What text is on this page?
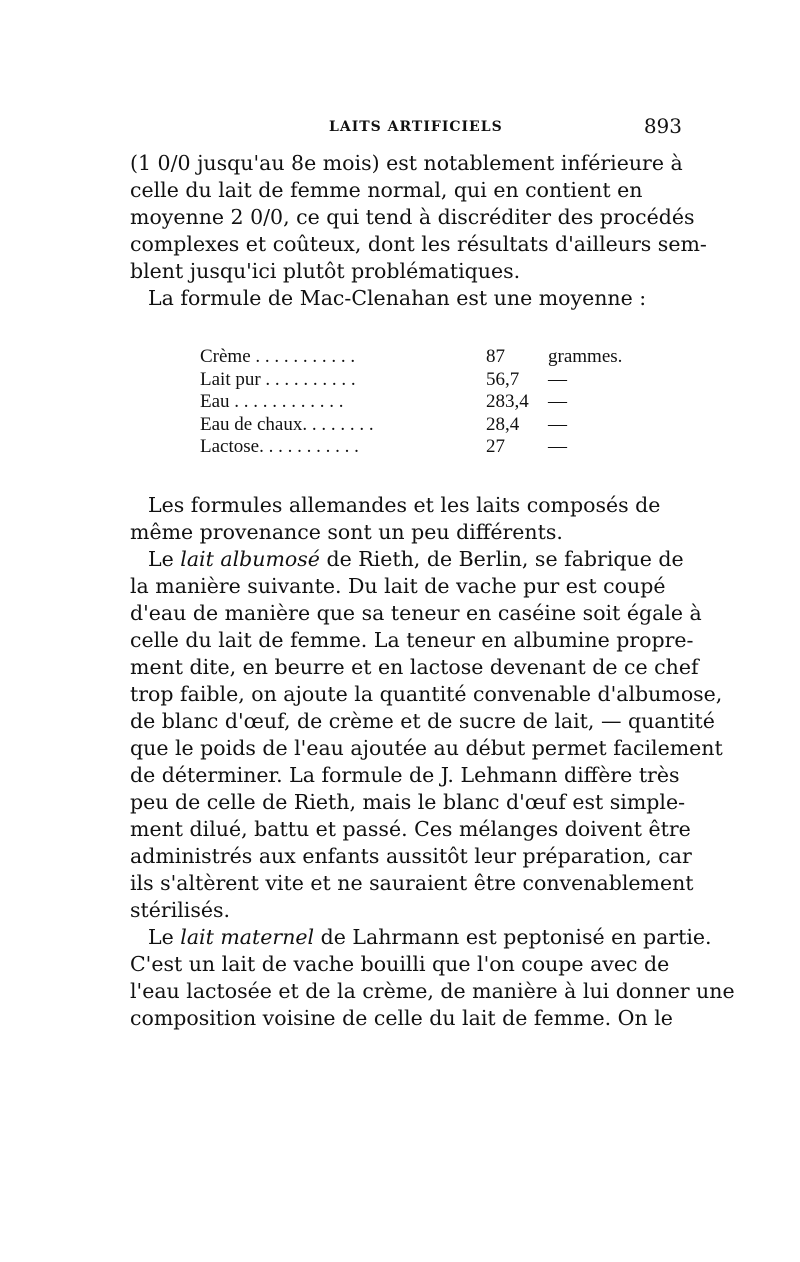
LAITS ARTIFICIELS	893
(1 0/0 jusqu'au 8e mois) est notablement inférieure à
celle du lait de femme normal, qui en contient en
moyenne 2 0/0, ce qui tend à discréditer des procédés
complexes et coûteux, dont les résultats d'ailleurs sem-
blent jusqu'ici plutôt problématiques.
La formule de Mac-Clenahan est une moyenne :
Crème . . . . . . . . . . .	87 grammes.
Lait pur . . . . . . . . . .	56,7 —
Eau . . . . . . . . . . . .	283,4 —
Eau de chaux. . . . . . . .	28,4 —
Lactose. . . . . . . . . . .	27 —
Les formules allemandes et les laits composés de
même provenance sont un peu différents.
Le lait albumosé de Rieth, de Berlin, se fabrique de
la manière suivante. Du lait de vache pur est coupé
d'eau de manière que sa teneur en caséine soit égale à
celle du lait de femme. La teneur en albumine propre-
ment dite, en beurre et en lactose devenant de ce chef
trop faible, on ajoute la quantité convenable d'albumose,
de blanc d'œuf, de crème et de sucre de lait, — quantité
que le poids de l'eau ajoutée au début permet facilement
de déterminer. La formule de J. Lehmann diffère très
peu de celle de Rieth, mais le blanc d'œuf est simple-
ment dilué, battu et passé. Ces mélanges doivent être
administrés aux enfants aussitôt leur préparation, car
ils s'altèrent vite et ne sauraient être convenablement
stérilisés.
Le lait maternel de Lahrmann est peptonisé en partie.
C'est un lait de vache bouilli que l'on coupe avec de
l'eau lactosée et de la crème, de manière à lui donner une
composition voisine de celle du lait de femme. On le
